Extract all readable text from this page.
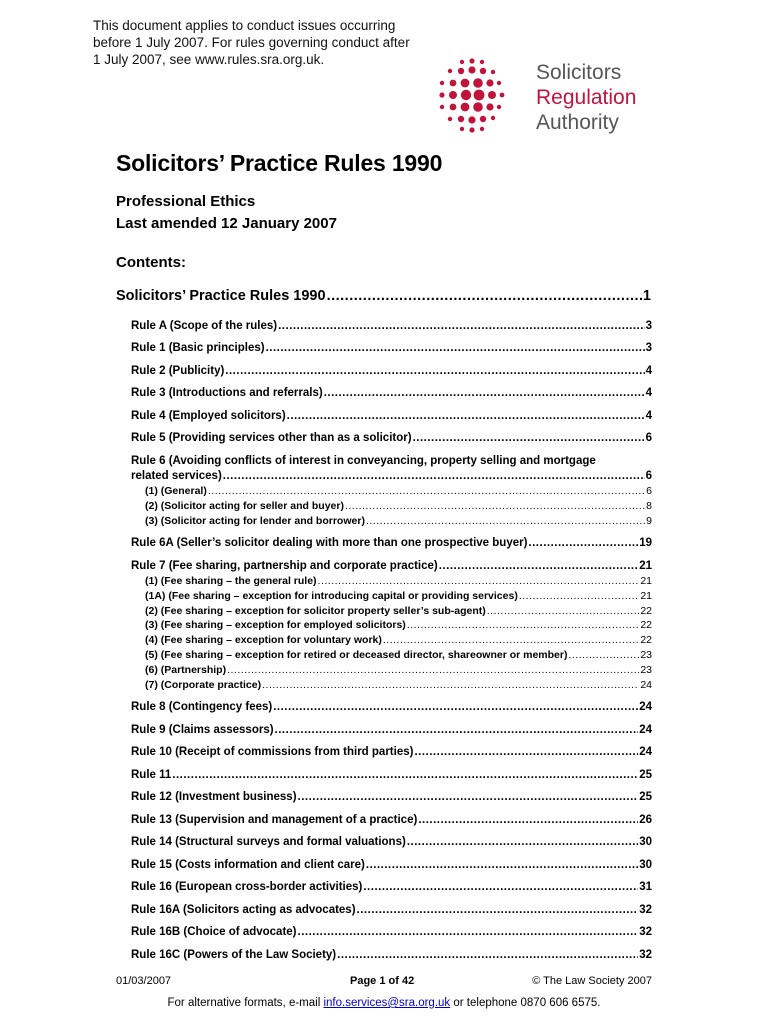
This document applies to conduct issues occurring
before 1 July 2007. For rules governing conduct after
1 July 2007, see www.rules.sra.org.uk.
Solicitors
Regulation
Authority
Solicitors’ Practice Rules 1990
Professional Ethics
Last amended 12 January 2007
Contents:
Solicitors’ Practice Rules 1990 .....	1
Rule A (Scope of the rules) .....	3
Rule 1 (Basic principles) .....	3
Rule 2 (Publicity) .....	4
Rule 3 (Introductions and referrals) .....	4
Rule 4 (Employed solicitors) .....	4
Rule 5 (Providing services other than as a solicitor) .....	6
Rule 6 (Avoiding conflicts of interest in conveyancing, property selling and mortgage
related services) .....	6
(1) (General) .....	6
(2) (Solicitor acting for seller and buyer) .....	8
(3) (Solicitor acting for lender and borrower) .....	9
Rule 6A (Seller’s solicitor dealing with more than one prospective buyer) .....	19
Rule 7 (Fee sharing, partnership and corporate practice) .....	21
(1) (Fee sharing – the general rule) .....	21
(1A) (Fee sharing – exception for introducing capital or providing services) .....	21
(2) (Fee sharing – exception for solicitor property seller’s sub-agent) .....	22
(3) (Fee sharing – exception for employed solicitors) .....	22
(4) (Fee sharing – exception for voluntary work) .....	22
(5) (Fee sharing – exception for retired or deceased director, shareowner or member) .....	23
(6) (Partnership) .....	23
(7) (Corporate practice) .....	24
Rule 8 (Contingency fees) .....	24
Rule 9 (Claims assessors) .....	24
Rule 10 (Receipt of commissions from third parties) .....	24
Rule 11 .....	25
Rule 12 (Investment business) .....	25
Rule 13 (Supervision and management of a practice) .....	26
Rule 14 (Structural surveys and formal valuations) .....	30
Rule 15 (Costs information and client care) .....	30
Rule 16 (European cross-border activities) .....	31
Rule 16A (Solicitors acting as advocates) .....	32
Rule 16B (Choice of advocate) .....	32
Rule 16C (Powers of the Law Society) .....	32
01/03/2007	Page 1 of 42	© The Law Society 2007
For alternative formats, e-mail info.services@sra.org.uk or telephone 0870 606 6575.
